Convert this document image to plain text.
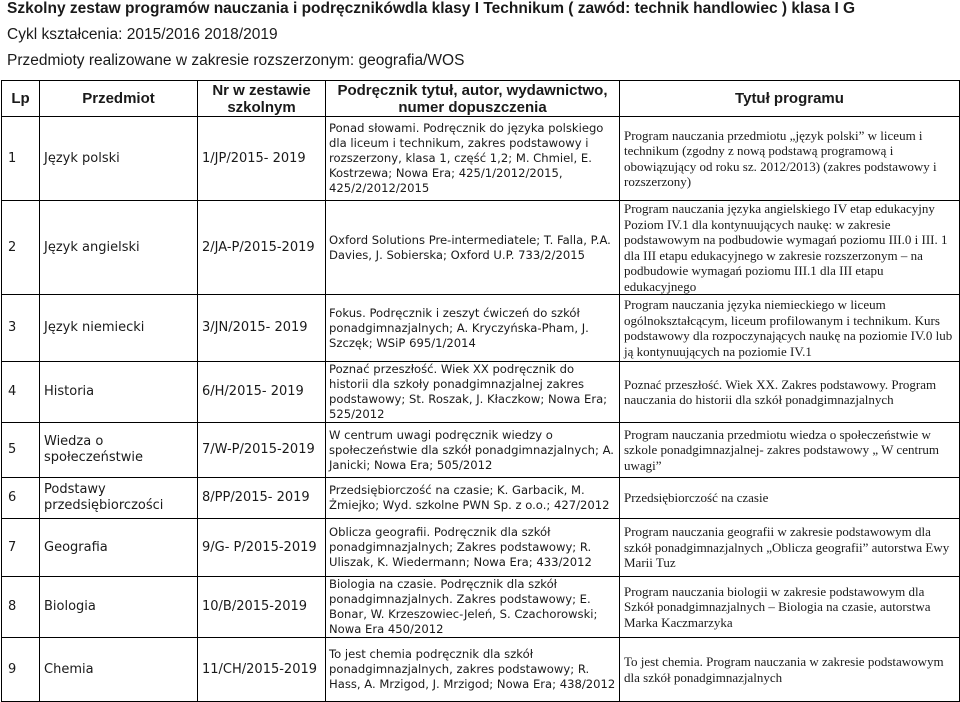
Szkolny zestaw programów nauczania i podręcznikówdla klasy I Technikum ( zawód: technik handlowiec ) klasa I G
Cykl kształcenia: 2015/2016 2018/2019
Przedmioty realizowane w zakresie rozszerzonym: geografia/WOS
Lp	Przedmiot	Nr w zestawie szkolnym	Podręcznik tytuł, autor, wydawnictwo, numer dopuszczenia	Tytuł programu
1	Język polski	1/JP/2015- 2019	Ponad słowami. Podręcznik do języka polskiego dla liceum i technikum, zakres podstawowy i rozszerzony, klasa 1, część 1,2; M. Chmiel, E. Kostrzewa; Nowa Era; 425/1/2012/2015, 425/2/2012/2015	Program nauczania przedmiotu „język polski” w liceum i technikum (zgodny z nową podstawą programową i obowiązujący od roku sz. 2012/2013) (zakres podstawowy i rozszerzony)

2	Język angielski	2/JA-P/2015-2019	Oxford Solutions Pre-intermediatele; T. Falla, P.A. Davies, J. Sobierska; Oxford U.P. 733/2/2015	Program nauczania języka angielskiego IV etap edukacyjny Poziom IV.1 dla kontynuujących naukę: w zakresie podstawowym na podbudowie wymagań poziomu III.0 i III. 1 dla III etapu edukacyjnego w zakresie rozszerzonym – na podbudowie wymagań poziomu III.1 dla III etapu edukacyjnego

3	Język niemiecki	3/JN/2015- 2019	Fokus. Podręcznik i zeszyt ćwiczeń do szkół ponadgimnazjalnych; A. Kryczyńska-Pham, J. Szczęk; WSiP 695/1/2014	Program nauczania języka niemieckiego w liceum ogólnokształcącym, liceum profilowanym i technikum. Kurs podstawowy dla rozpoczynających naukę na poziomie IV.0 lub ją kontynuujących na poziomie IV.1

4	Historia	6/H/2015- 2019	Poznać przeszłość. Wiek XX podręcznik do historii dla szkoły ponadgimnazjalnej zakres podstawowy; St. Roszak, J. Kłaczkow; Nowa Era; 525/2012	Poznać przeszłość. Wiek XX. Zakres podstawowy. Program nauczania do historii dla szkół ponadgimnazjalnych

5	Wiedza o społeczeństwie	7/W-P/2015-2019	W centrum uwagi podręcznik wiedzy o społeczeństwie dla szkół ponadgimnazjalnych; A. Janicki; Nowa Era; 505/2012	Program nauczania przedmiotu wiedza o społeczeństwie w szkole ponadgimnazjalnej- zakres podstawowy „ W centrum uwagi”

6	Podstawy przedsiębiorczości	8/PP/2015- 2019	Przedsiębiorczość na czasie; K. Garbacik, M. Żmiejko; Wyd. szkolne PWN Sp. z o.o.; 427/2012	Przedsiębiorczość na czasie

7	Geografia	9/G- P/2015-2019	Oblicza geografii. Podręcznik dla szkół ponadgimnazjalnych; Zakres podstawowy; R. Uliszak, K. Wiedermann; Nowa Era; 433/2012	Program nauczania geografii w zakresie podstawowym dla szkół ponadgimnazjalnych „Oblicza geografii” autorstwa Ewy Marii Tuz

8	Biologia	10/B/2015-2019	Biologia na czasie. Podręcznik dla szkół ponadgimnazjalnych. Zakres podstawowy; E. Bonar, W. Krzeszowiec-Jeleń, S. Czachorowski; Nowa Era 450/2012	Program nauczania biologii w zakresie podstawowym dla Szkół ponadgimnazjalnych – Biologia na czasie, autorstwa Marka Kaczmarzyka

9	Chemia	11/CH/2015-2019	To jest chemia podręcznik dla szkół ponadgimnazjalnych, zakres podstawowy; R. Hass, A. Mrzigod, J. Mrzigod; Nowa Era; 438/2012	To jest chemia. Program nauczania w zakresie podstawowym dla szkół ponadgimnazjalnych
